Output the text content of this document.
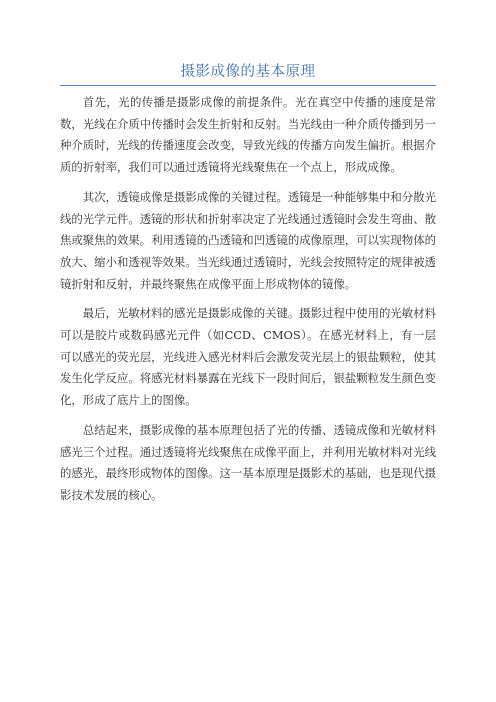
摄影成像的基本原理

首先，光的传播是摄影成像的前提条件。光在真空中传播的速度是常数，光线在介质中传播时会发生折射和反射。当光线由一种介质传播到另一种介质时，光线的传播速度会改变，导致光线的传播方向发生偏折。根据介质的折射率，我们可以通过透镜将光线聚焦在一个点上，形成成像。

其次，透镜成像是摄影成像的关键过程。透镜是一种能够集中和分散光线的光学元件。透镜的形状和折射率决定了光线通过透镜时会发生弯曲、散焦或聚焦的效果。利用透镜的凸透镜和凹透镜的成像原理，可以实现物体的放大、缩小和透视等效果。当光线通过透镜时，光线会按照特定的规律被透镜折射和反射，并最终聚焦在成像平面上形成物体的镜像。

最后，光敏材料的感光是摄影成像的关键。摄影过程中使用的光敏材料可以是胶片或数码感光元件（如CCD、CMOS）。在感光材料上，有一层可以感光的荧光层，光线进入感光材料后会激发荧光层上的银盐颗粒，使其发生化学反应。将感光材料暴露在光线下一段时间后，银盐颗粒发生颜色变化，形成了底片上的图像。

总结起来，摄影成像的基本原理包括了光的传播、透镜成像和光敏材料感光三个过程。通过透镜将光线聚焦在成像平面上，并利用光敏材料对光线的感光，最终形成物体的图像。这一基本原理是摄影术的基础，也是现代摄影技术发展的核心。
